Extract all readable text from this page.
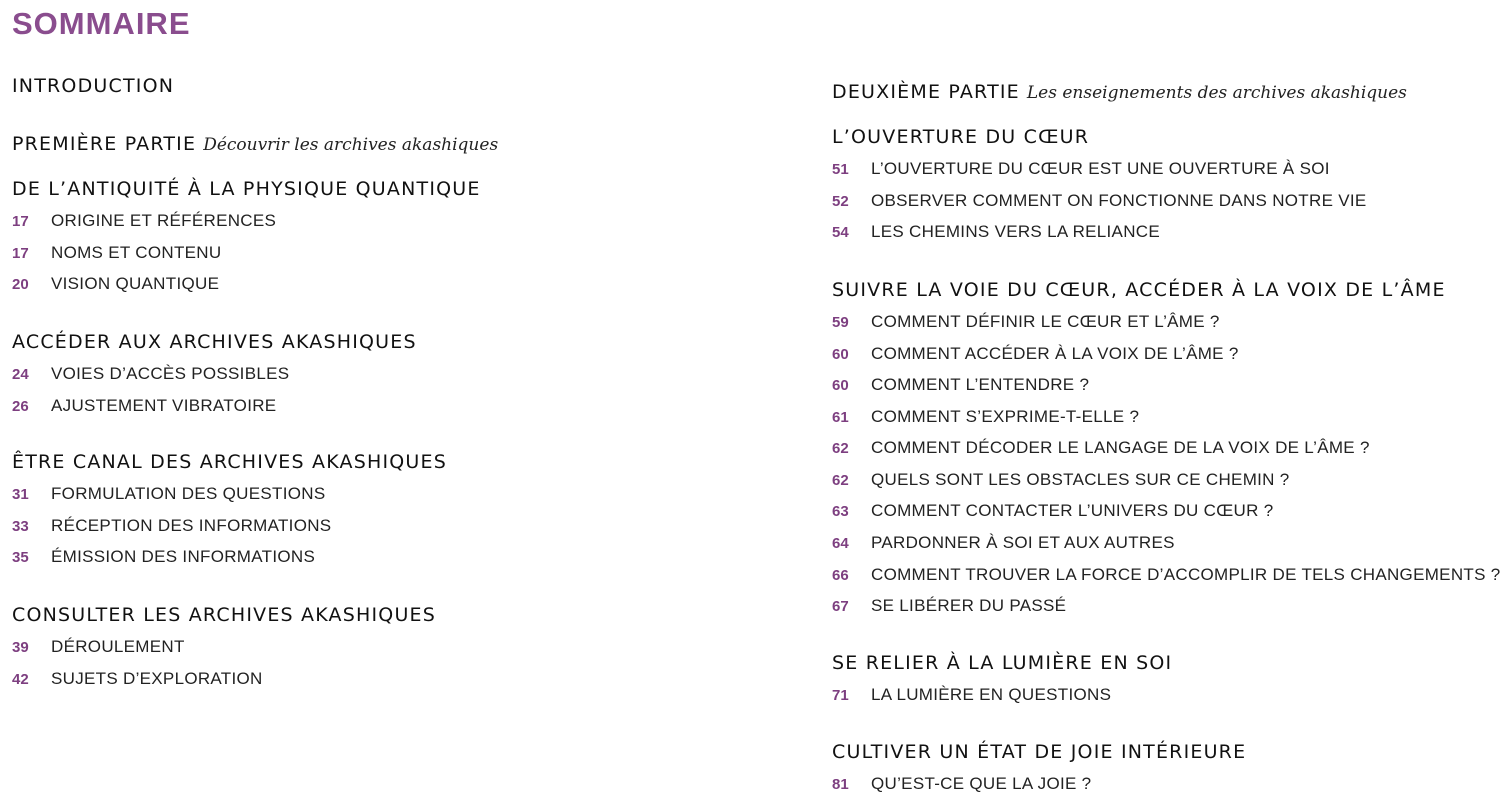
SOMMAIRE
INTRODUCTION
PREMIÈRE PARTIE Découvrir les archives akashiques
DE L’ANTIQUITÉ À LA PHYSIQUE QUANTIQUE
17 ORIGINE ET RÉFÉRENCES
17 NOMS ET CONTENU
20 VISION QUANTIQUE
ACCÉDER AUX ARCHIVES AKASHIQUES
24 VOIES D’ACCÈS POSSIBLES
26 AJUSTEMENT VIBRATOIRE
ÊTRE CANAL DES ARCHIVES AKASHIQUES
31 FORMULATION DES QUESTIONS
33 RÉCEPTION DES INFORMATIONS
35 ÉMISSION DES INFORMATIONS
CONSULTER LES ARCHIVES AKASHIQUES
39 DÉROULEMENT
42 SUJETS D’EXPLORATION
DEUXIÈME PARTIE Les enseignements des archives akashiques
L’OUVERTURE DU CŒUR
51 L’OUVERTURE DU CŒUR EST UNE OUVERTURE À SOI
52 OBSERVER COMMENT ON FONCTIONNE DANS NOTRE VIE
54 LES CHEMINS VERS LA RELIANCE
SUIVRE LA VOIE DU CŒUR, ACCÉDER À LA VOIX DE L’ÂME
59 COMMENT DÉFINIR LE CŒUR ET L’ÂME ?
60 COMMENT ACCÉDER À LA VOIX DE L’ÂME ?
60 COMMENT L’ENTENDRE ?
61 COMMENT S’EXPRIME-T-ELLE ?
62 COMMENT DÉCODER LE LANGAGE DE LA VOIX DE L’ÂME ?
62 QUELS SONT LES OBSTACLES SUR CE CHEMIN ?
63 COMMENT CONTACTER L’UNIVERS DU CŒUR ?
64 PARDONNER À SOI ET AUX AUTRES
66 COMMENT TROUVER LA FORCE D’ACCOMPLIR DE TELS CHANGEMENTS ?
67 SE LIBÉRER DU PASSÉ
SE RELIER À LA LUMIÈRE EN SOI
71 LA LUMIÈRE EN QUESTIONS
CULTIVER UN ÉTAT DE JOIE INTÉRIEURE
81 QU’EST-CE QUE LA JOIE ?
